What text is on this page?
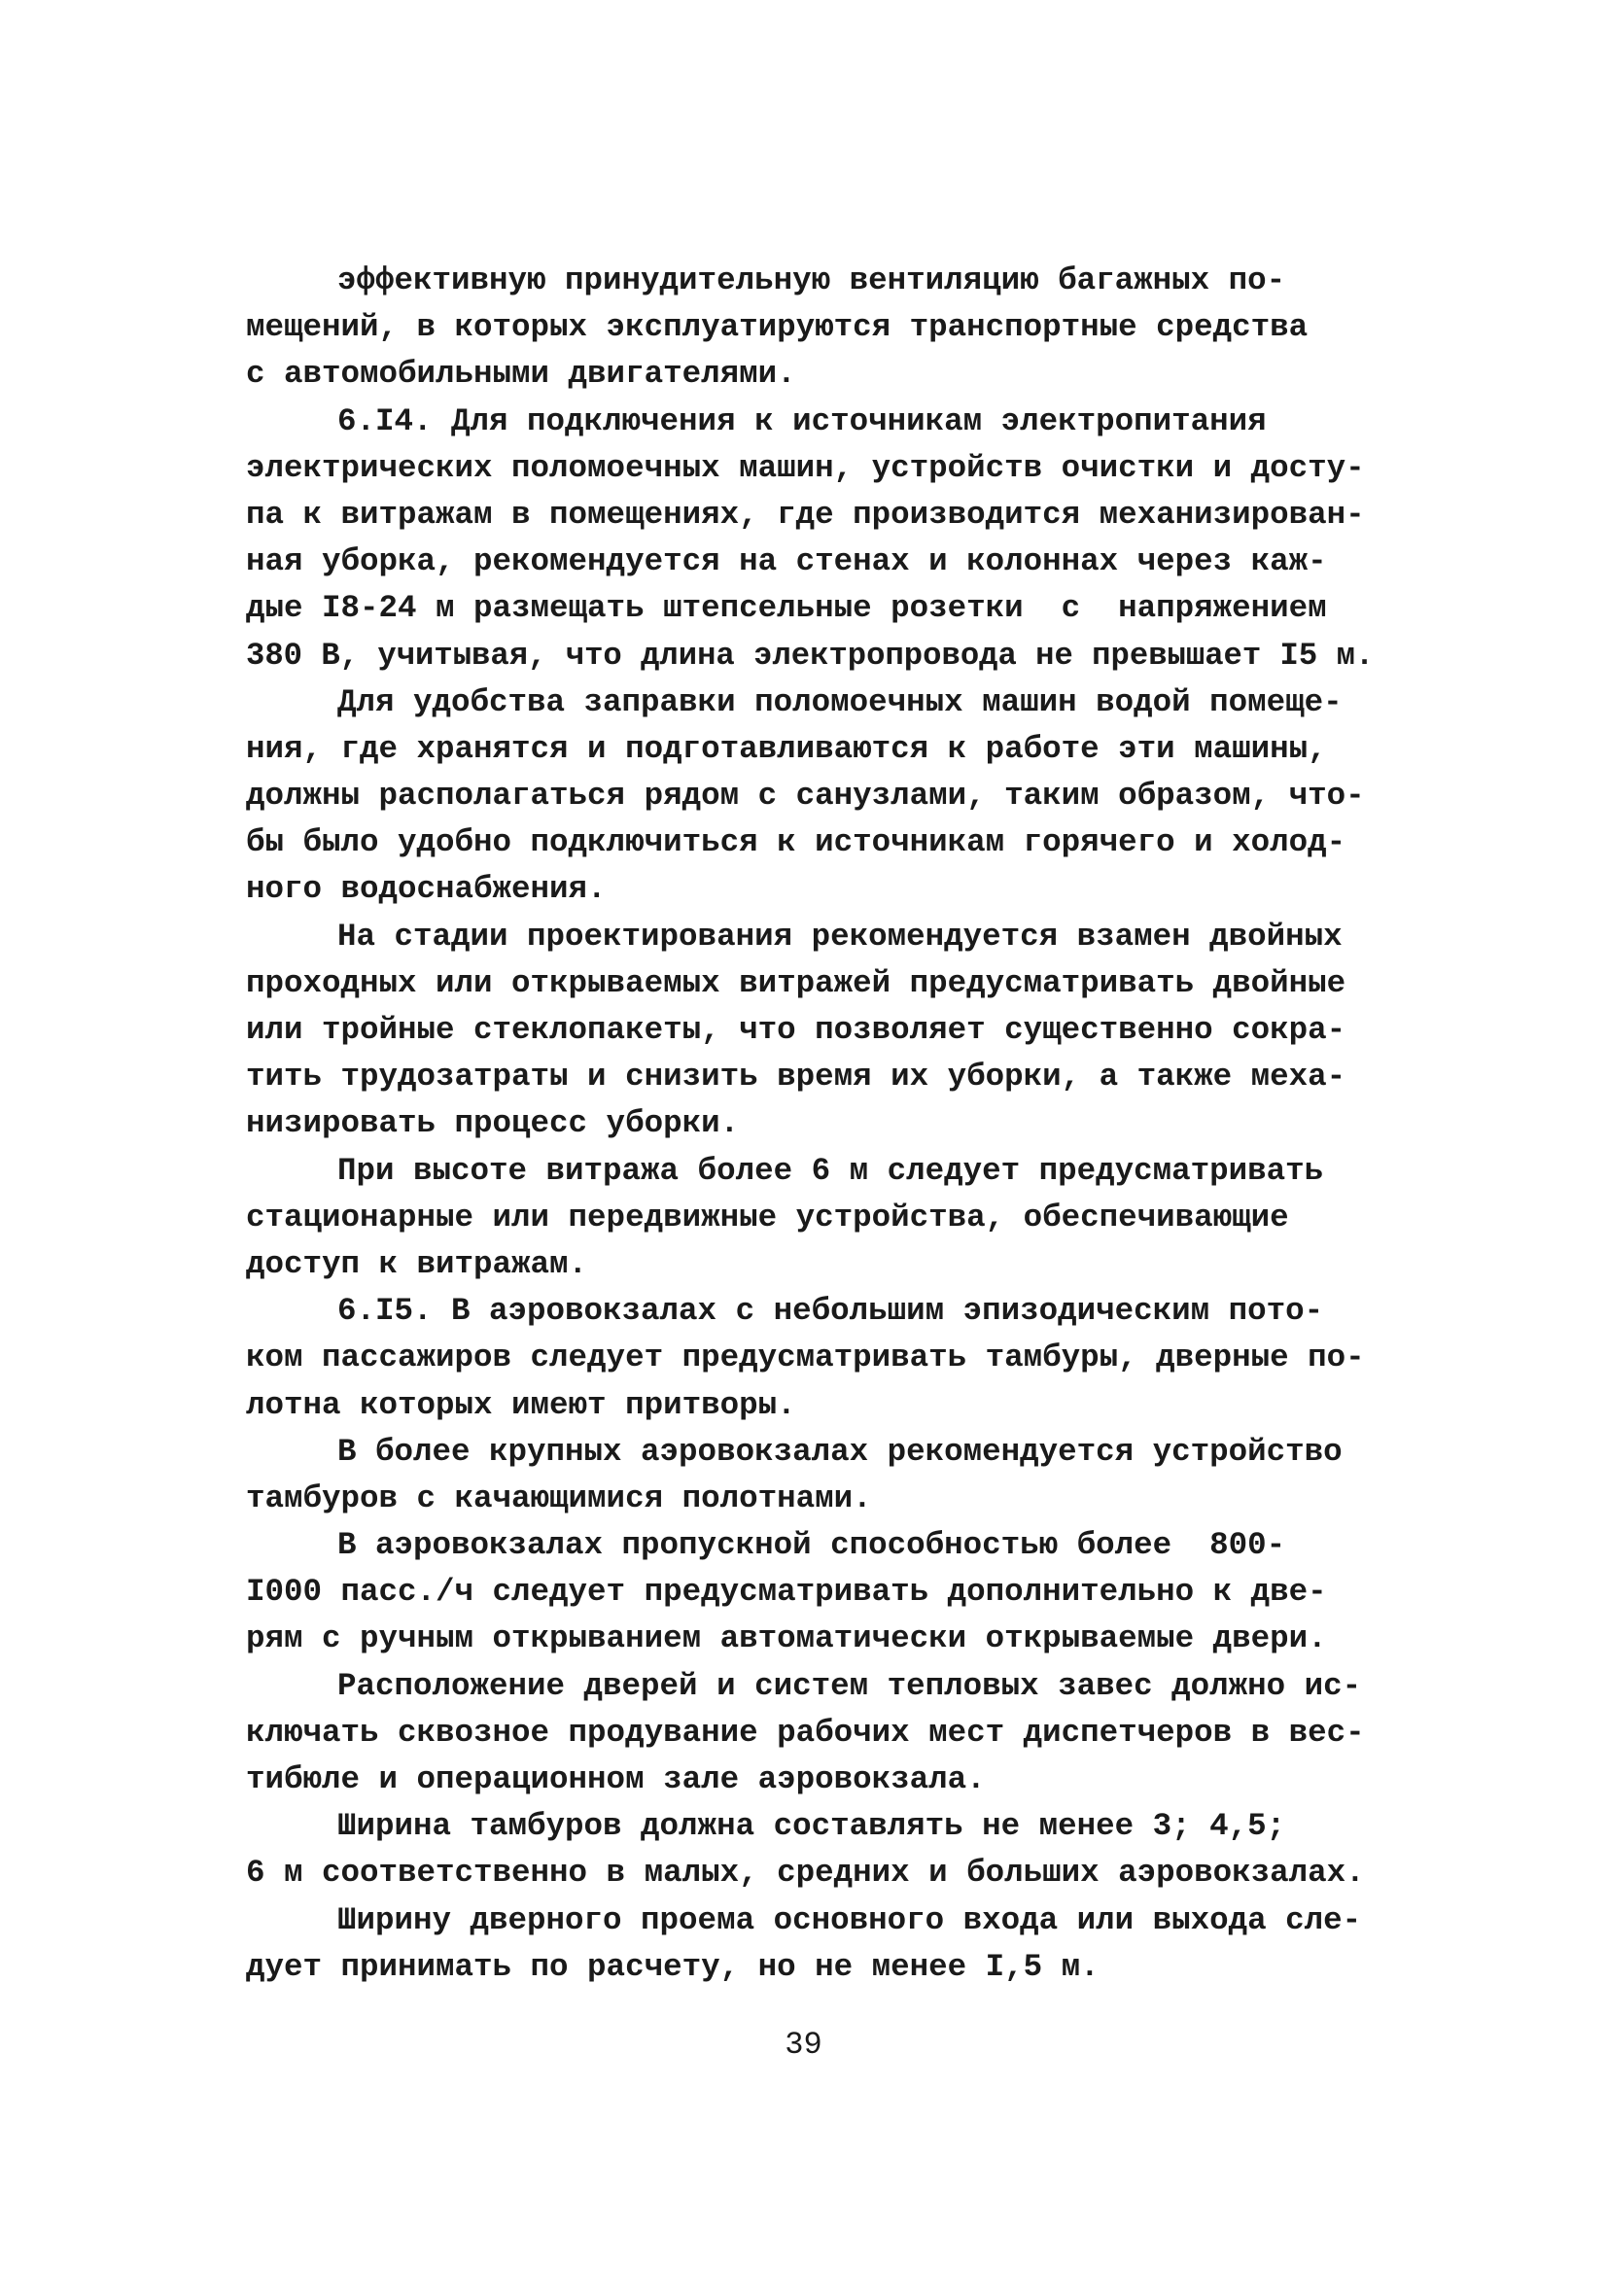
эффективную принудительную вентиляцию багажных по-
мещений, в которых эксплуатируются транспортные средства
с автомобильными двигателями.
6.I4. Для подключения к источникам электропитания
электрических поломоечных машин, устройств очистки и досту-
па к витражам в помещениях, где производится механизирован-
ная уборка, рекомендуется на стенах и колоннах через каж-
дые I8-24 м размещать штепсельные розетки  с  напряжением
380 В, учитывая, что длина электропровода не превышает I5 м.
Для удобства заправки поломоечных машин водой помеще-
ния, где хранятся и подготавливаются к работе эти машины,
должны располагаться рядом с санузлами, таким образом, что-
бы было удобно подключиться к источникам горячего и холод-
ного водоснабжения.
На стадии проектирования рекомендуется взамен двойных
проходных или открываемых витражей предусматривать двойные
или тройные стеклопакеты, что позволяет существенно сокра-
тить трудозатраты и снизить время их уборки, а также меха-
низировать процесс уборки.
При высоте витража более 6 м следует предусматривать
стационарные или передвижные устройства, обеспечивающие
доступ к витражам.
6.I5. В аэровокзалах с небольшим эпизодическим пото-
ком пассажиров следует предусматривать тамбуры, дверные по-
лотна которых имеют притворы.
В более крупных аэровокзалах рекомендуется устройство
тамбуров с качающимися полотнами.
В аэровокзалах пропускной способностью более  800-
I000 пасс./ч следует предусматривать дополнительно к две-
рям с ручным открыванием автоматически открываемые двери.
Расположение дверей и систем тепловых завес должно ис-
ключать сквозное продувание рабочих мест диспетчеров в вес-
тибюле и операционном зале аэровокзала.
Ширина тамбуров должна составлять не менее 3; 4,5;
6 м соответственно в малых, средних и больших аэровокзалах.
Ширину дверного проема основного входа или выхода сле-
дует принимать по расчету, но не менее I,5 м.
39
